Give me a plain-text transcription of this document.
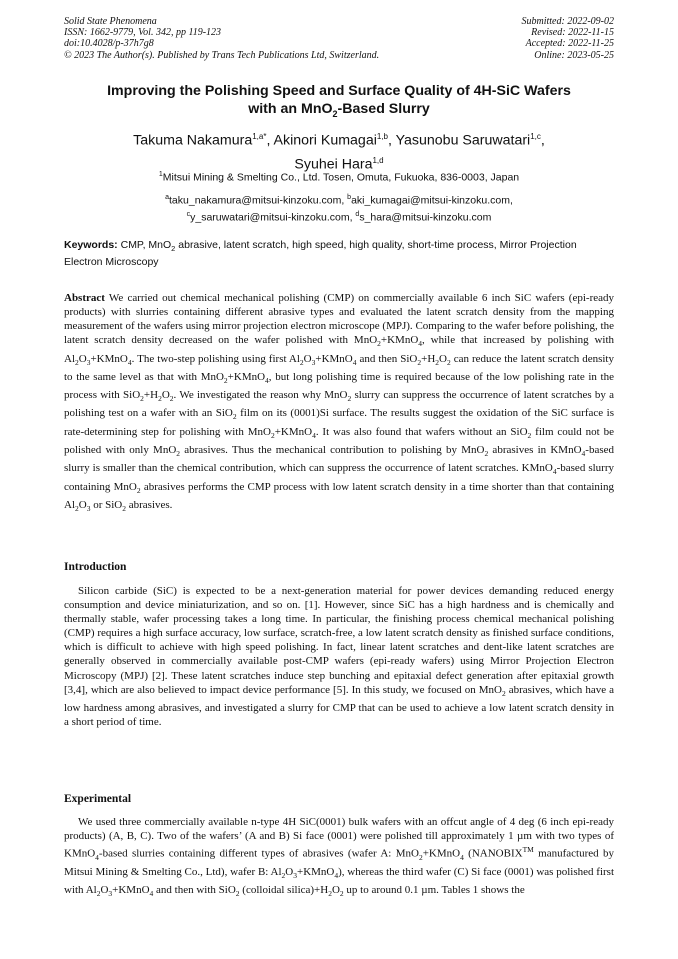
Solid State Phenomena
ISSN: 1662-9779, Vol. 342, pp 119-123
doi:10.4028/p-37h7g8
© 2023 The Author(s). Published by Trans Tech Publications Ltd, Switzerland.
Submitted: 2022-09-02
Revised: 2022-11-15
Accepted: 2022-11-25
Online: 2023-05-25
Improving the Polishing Speed and Surface Quality of 4H-SiC Wafers
with an MnO$_2$-Based Slurry
Takuma Nakamura$^{1,a*}$, Akinori Kumagai$^{1,b}$, Yasunobu Saruwatari$^{1,c}$,
Syuhei Hara$^{1,d}$
$^1$Mitsui Mining & Smelting Co., Ltd. Tosen, Omuta, Fukuoka, 836-0003, Japan
$^a$taku_nakamura@mitsui-kinzoku.com, $^b$aki_kumagai@mitsui-kinzoku.com,
$^c$y_saruwatari@mitsui-kinzoku.com, $^d$s_hara@mitsui-kinzoku.com
Keywords: CMP, MnO$_2$ abrasive, latent scratch, high speed, high quality, short-time process, Mirror Projection Electron Microscopy
Abstract We carried out chemical mechanical polishing (CMP) on commercially available 6 inch SiC wafers (epi-ready products) with slurries containing different abrasive types and evaluated the latent scratch density from the mapping measurement of the wafers using mirror projection electron microscope (MPJ). Comparing to the wafer before polishing, the latent scratch density decreased on the wafer polished with MnO$_2$+KMnO$_4$, while that increased by polishing with $Al_2O_3+KMnO_4$. The two-step polishing using first $Al_2O_3+KMnO_4$ and then $SiO_2+H_2O_2$ can reduce the latent scratch density to the same level as that with MnO$_2$+KMnO$_4$, but long polishing time is required because of the low polishing rate in the process with $SiO_2+H_2O_2$. We investigated the reason why MnO$_2$ slurry can suppress the occurrence of latent scratches by a polishing test on a wafer with an SiO$_2$ film on its (0001)Si surface. The results suggest the oxidation of the SiC surface is rate-determining step for polishing with MnO$_2$+KMnO$_4$. It was also found that wafers without an SiO$_2$ film could not be polished with only MnO$_2$ abrasives. Thus the mechanical contribution to polishing by MnO$_2$ abrasives in KMnO$_4$-based slurry is smaller than the chemical contribution, which can suppress the occurrence of latent scratches. KMnO$_4$-based slurry containing MnO$_2$ abrasives performs the CMP process with low latent scratch density in a time shorter than that containing $Al_2O_3$ or SiO$_2$ abrasives.
Introduction
Silicon carbide (SiC) is expected to be a next-generation material for power devices demanding reduced energy consumption and device miniaturization, and so on. [1]. However, since SiC has a high hardness and is chemically and thermally stable, wafer processing takes a long time. In particular, the finishing process chemical mechanical polishing (CMP) requires a high surface accuracy, low surface, scratch-free, a low latent scratch density as finished surface conditions, which is difficult to achieve with high speed polishing. In fact, linear latent scratches and dent-like latent scratches are generally observed in commercially available post-CMP wafers (epi-ready wafers) using Mirror Projection Electron Microscopy (MPJ) [2]. These latent scratches induce step bunching and epitaxial defect generation after epitaxial growth [3,4], which are also believed to impact device performance [5]. In this study, we focused on MnO$_2$ abrasives, which have a low hardness among abrasives, and investigated a slurry for CMP that can be used to achieve a low latent scratch density in a short period of time.
Experimental
We used three commercially available n-type 4H SiC(0001) bulk wafers with an offcut angle of 4 deg (6 inch epi-ready products) (A, B, C). Two of the wafers’ (A and B) Si face (0001) were polished till approximately 1 µm with two types of KMnO$_4$-based slurries containing different types of abrasives (wafer A: MnO$_2$+KMnO$_4$ (NANOBIX™ manufactured by Mitsui Mining & Smelting Co., Ltd), wafer B: $Al_2O_3+KMnO_4$), whereas the third wafer (C) Si face (0001) was polished first with $Al_2O_3+KMnO_4$ and then with SiO$_2$ (colloidal $silica)+H_2O_2$ up to around 0.1 µm. Tables 1 shows the
